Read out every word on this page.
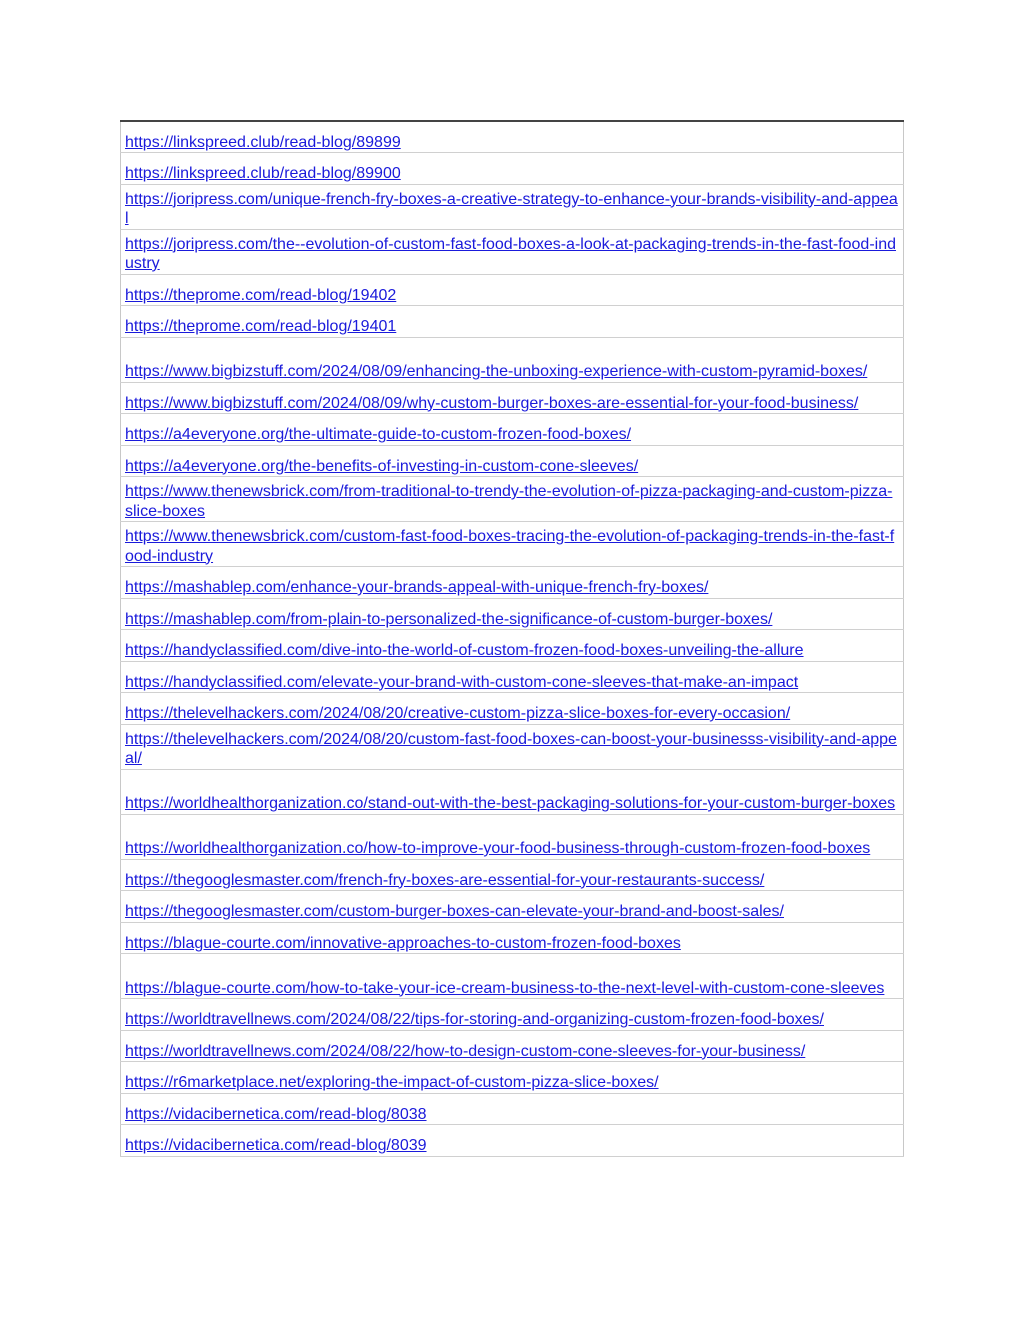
https://linkspreed.club/read-blog/89899
https://linkspreed.club/read-blog/89900
https://joripress.com/unique-french-fry-boxes-a-creative-strategy-to-enhance-your-brands-visibility-and-appeal
https://joripress.com/the--evolution-of-custom-fast-food-boxes-a-look-at-packaging-trends-in-the-fast-food-industry
https://theprome.com/read-blog/19402
https://theprome.com/read-blog/19401
https://www.bigbizstuff.com/2024/08/09/enhancing-the-unboxing-experience-with-custom-pyramid-boxes/
https://www.bigbizstuff.com/2024/08/09/why-custom-burger-boxes-are-essential-for-your-food-business/
https://a4everyone.org/the-ultimate-guide-to-custom-frozen-food-boxes/
https://a4everyone.org/the-benefits-of-investing-in-custom-cone-sleeves/
https://www.thenewsbrick.com/from-traditional-to-trendy-the-evolution-of-pizza-packaging-and-custom-pizza-slice-boxes
https://www.thenewsbrick.com/custom-fast-food-boxes-tracing-the-evolution-of-packaging-trends-in-the-fast-food-industry
https://mashablep.com/enhance-your-brands-appeal-with-unique-french-fry-boxes/
https://mashablep.com/from-plain-to-personalized-the-significance-of-custom-burger-boxes/
https://handyclassified.com/dive-into-the-world-of-custom-frozen-food-boxes-unveiling-the-allure
https://handyclassified.com/elevate-your-brand-with-custom-cone-sleeves-that-make-an-impact
https://thelevelhackers.com/2024/08/20/creative-custom-pizza-slice-boxes-for-every-occasion/
https://thelevelhackers.com/2024/08/20/custom-fast-food-boxes-can-boost-your-businesss-visibility-and-appeal/
https://worldhealthorganization.co/stand-out-with-the-best-packaging-solutions-for-your-custom-burger-boxes
https://worldhealthorganization.co/how-to-improve-your-food-business-through-custom-frozen-food-boxes
https://thegooglesmaster.com/french-fry-boxes-are-essential-for-your-restaurants-success/
https://thegooglesmaster.com/custom-burger-boxes-can-elevate-your-brand-and-boost-sales/
https://blague-courte.com/innovative-approaches-to-custom-frozen-food-boxes
https://blague-courte.com/how-to-take-your-ice-cream-business-to-the-next-level-with-custom-cone-sleeves
https://worldtravellnews.com/2024/08/22/tips-for-storing-and-organizing-custom-frozen-food-boxes/
https://worldtravellnews.com/2024/08/22/how-to-design-custom-cone-sleeves-for-your-business/
https://r6marketplace.net/exploring-the-impact-of-custom-pizza-slice-boxes/
https://vidacibernetica.com/read-blog/8038
https://vidacibernetica.com/read-blog/8039
